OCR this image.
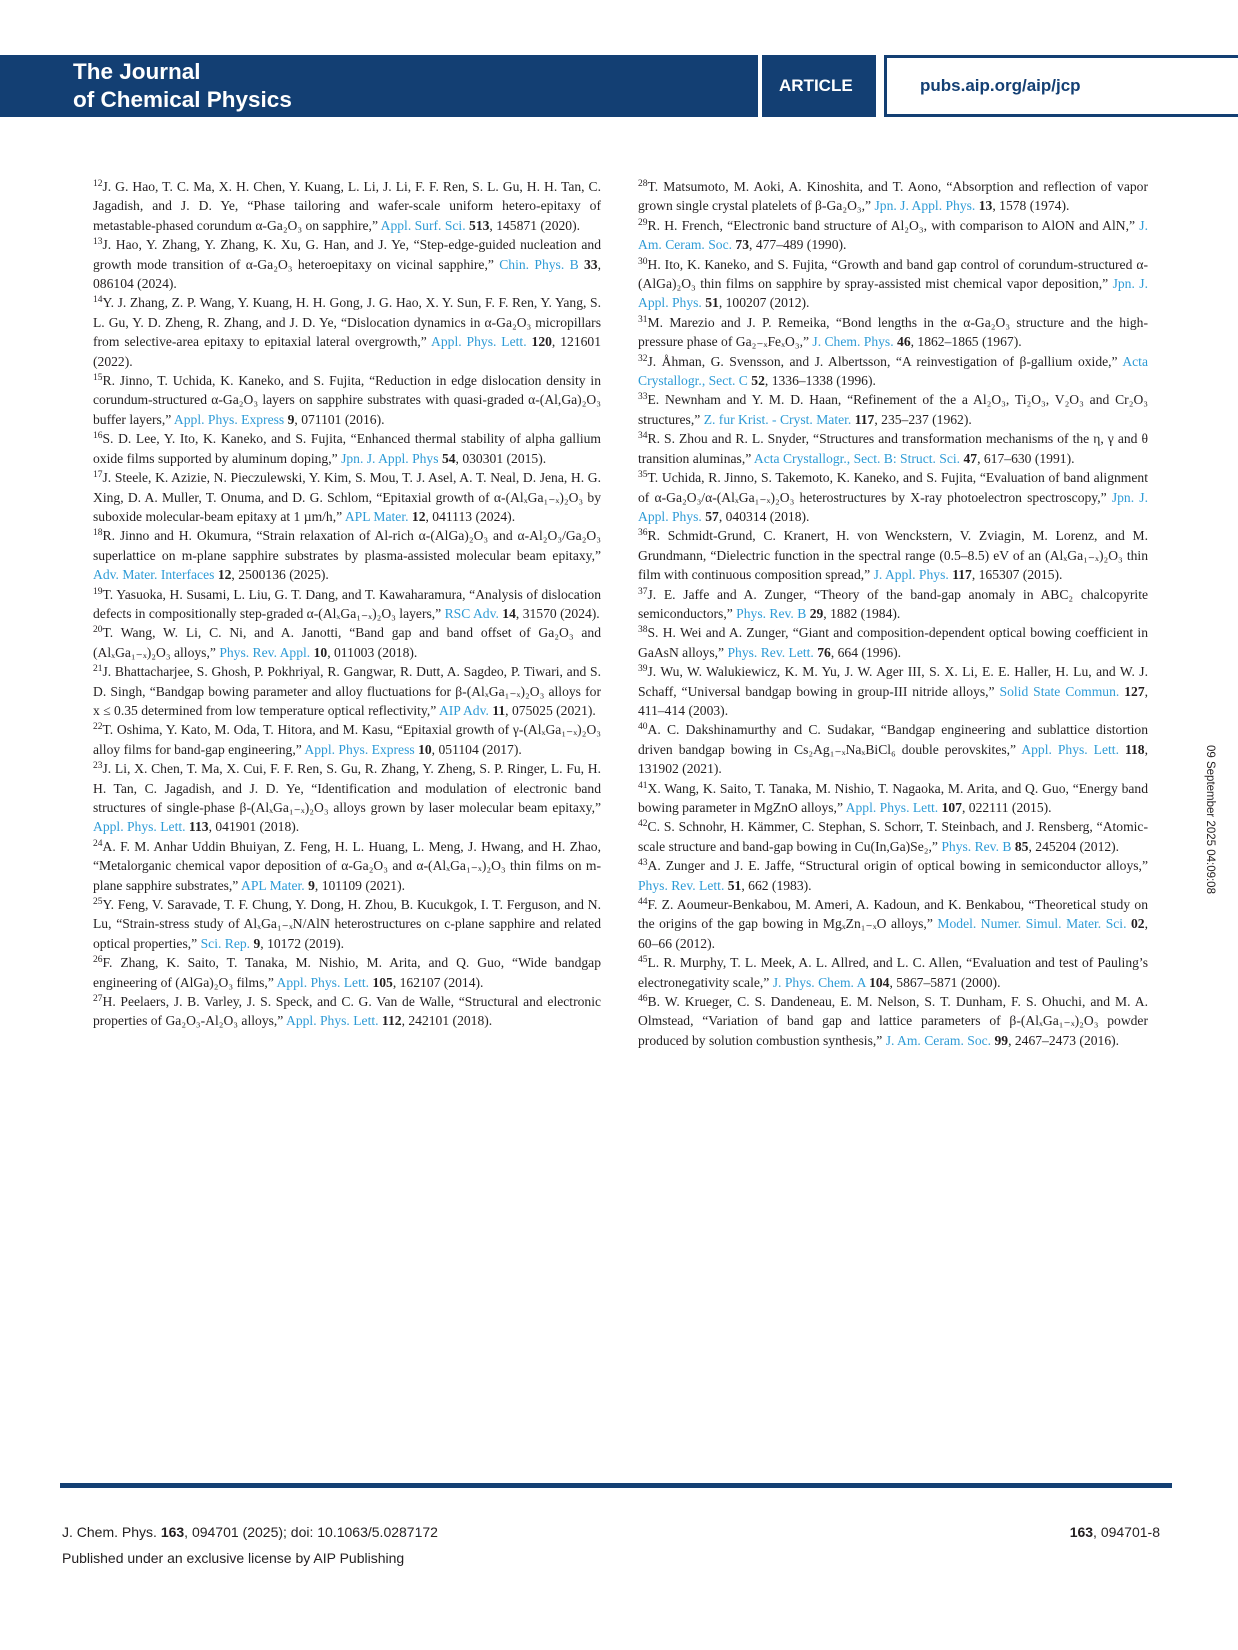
The Journal
of Chemical Physics
ARTICLE	pubs.aip.org/aip/jcp
$^{12}$J. G. Hao, T. C. Ma, X. H. Chen, Y. Kuang, L. Li, J. Li, F. F. Ren, S. L. Gu, H. H. Tan, C. Jagadish, and J. D. Ye, “Phase tailoring and wafer-scale uniform hetero-epitaxy of metastable-phased corundum α-Ga₂O₃ on sapphire,” Appl. Surf. Sci. 513, 145871 (2020).
$^{13}$J. Hao, Y. Zhang, Y. Zhang, K. Xu, G. Han, and J. Ye, “Step-edge-guided nucleation and growth mode transition of α-Ga₂O₃ heteroepitaxy on vicinal sapphire,” Chin. Phys. B 33, 086104 (2024).
$^{14}$Y. J. Zhang, Z. P. Wang, Y. Kuang, H. H. Gong, J. G. Hao, X. Y. Sun, F. F. Ren, Y. Yang, S. L. Gu, Y. D. Zheng, R. Zhang, and J. D. Ye, “Dislocation dynamics in α-Ga₂O₃ micropillars from selective-area epitaxy to epitaxial lateral overgrowth,” Appl. Phys. Lett. 120, 121601 (2022).
$^{15}$R. Jinno, T. Uchida, K. Kaneko, and S. Fujita, “Reduction in edge dislocation density in corundum-structured α-Ga₂O₃ layers on sapphire substrates with quasi-graded α-(Al,Ga)₂O₃ buffer layers,” Appl. Phys. Express 9, 071101 (2016).
$^{16}$S. D. Lee, Y. Ito, K. Kaneko, and S. Fujita, “Enhanced thermal stability of alpha gallium oxide films supported by aluminum doping,” Jpn. J. Appl. Phys 54, 030301 (2015).
$^{17}$J. Steele, K. Azizie, N. Pieczulewski, Y. Kim, S. Mou, T. J. Asel, A. T. Neal, D. Jena, H. G. Xing, D. A. Muller, T. Onuma, and D. G. Schlom, “Epitaxial growth of α-(AlₓGa₁₋ₓ)₂O₃ by suboxide molecular-beam epitaxy at 1 µm/h,” APL Mater. 12, 041113 (2024).
$^{18}$R. Jinno and H. Okumura, “Strain relaxation of Al-rich α-(AlGa)₂O₃ and α-Al₂O₃/Ga₂O₃ superlattice on m-plane sapphire substrates by plasma-assisted molecular beam epitaxy,” Adv. Mater. Interfaces 12, 2500136 (2025).
$^{19}$T. Yasuoka, H. Susami, L. Liu, G. T. Dang, and T. Kawaharamura, “Analysis of dislocation defects in compositionally step-graded α-(AlₓGa₁₋ₓ)₂O₃ layers,” RSC Adv. 14, 31570 (2024).
$^{20}$T. Wang, W. Li, C. Ni, and A. Janotti, “Band gap and band offset of Ga₂O₃ and (AlₓGa₁₋ₓ)₂O₃ alloys,” Phys. Rev. Appl. 10, 011003 (2018).
$^{21}$J. Bhattacharjee, S. Ghosh, P. Pokhriyal, R. Gangwar, R. Dutt, A. Sagdeo, P. Tiwari, and S. D. Singh, “Bandgap bowing parameter and alloy fluctuations for β-(AlₓGa₁₋ₓ)₂O₃ alloys for x ≤ 0.35 determined from low temperature optical reflectivity,” AIP Adv. 11, 075025 (2021).
$^{22}$T. Oshima, Y. Kato, M. Oda, T. Hitora, and M. Kasu, “Epitaxial growth of γ-(AlₓGa₁₋ₓ)₂O₃ alloy films for band-gap engineering,” Appl. Phys. Express 10, 051104 (2017).
$^{23}$J. Li, X. Chen, T. Ma, X. Cui, F. F. Ren, S. Gu, R. Zhang, Y. Zheng, S. P. Ringer, L. Fu, H. H. Tan, C. Jagadish, and J. D. Ye, “Identification and modulation of electronic band structures of single-phase β-(AlₓGa₁₋ₓ)₂O₃ alloys grown by laser molecular beam epitaxy,” Appl. Phys. Lett. 113, 041901 (2018).
$^{24}$A. F. M. Anhar Uddin Bhuiyan, Z. Feng, H. L. Huang, L. Meng, J. Hwang, and H. Zhao, “Metalorganic chemical vapor deposition of α-Ga₂O₃ and α-(AlₓGa₁₋ₓ)₂O₃ thin films on m-plane sapphire substrates,” APL Mater. 9, 101109 (2021).
$^{25}$Y. Feng, V. Saravade, T. F. Chung, Y. Dong, H. Zhou, B. Kucukgok, I. T. Ferguson, and N. Lu, “Strain-stress study of AlₓGa₁₋ₓN/AlN heterostructures on c-plane sapphire and related optical properties,” Sci. Rep. 9, 10172 (2019).
$^{26}$F. Zhang, K. Saito, T. Tanaka, M. Nishio, M. Arita, and Q. Guo, “Wide bandgap engineering of (AlGa)₂O₃ films,” Appl. Phys. Lett. 105, 162107 (2014).
$^{27}$H. Peelaers, J. B. Varley, J. S. Speck, and C. G. Van de Walle, “Structural and electronic properties of Ga₂O₃-Al₂O₃ alloys,” Appl. Phys. Lett. 112, 242101 (2018).
$^{28}$T. Matsumoto, M. Aoki, A. Kinoshita, and T. Aono, “Absorption and reflection of vapor grown single crystal platelets of β-Ga₂O₃,” Jpn. J. Appl. Phys. 13, 1578 (1974).
$^{29}$R. H. French, “Electronic band structure of Al₂O₃, with comparison to AlON and AlN,” J. Am. Ceram. Soc. 73, 477–489 (1990).
$^{30}$H. Ito, K. Kaneko, and S. Fujita, “Growth and band gap control of corundum-structured α-(AlGa)₂O₃ thin films on sapphire by spray-assisted mist chemical vapor deposition,” Jpn. J. Appl. Phys. 51, 100207 (2012).
$^{31}$M. Marezio and J. P. Remeika, “Bond lengths in the α-Ga₂O₃ structure and the high-pressure phase of Ga₂₋ₓFeₓO₃,” J. Chem. Phys. 46, 1862–1865 (1967).
$^{32}$J. Åhman, G. Svensson, and J. Albertsson, “A reinvestigation of β-gallium oxide,” Acta Crystallogr., Sect. C 52, 1336–1338 (1996).
$^{33}$E. Newnham and Y. M. D. Haan, “Refinement of the a Al₂O₃, Ti₂O₃, V₂O₃ and Cr₂O₃ structures,” Z. fur Krist. - Cryst. Mater. 117, 235–237 (1962).
$^{34}$R. S. Zhou and R. L. Snyder, “Structures and transformation mechanisms of the η, γ and θ transition aluminas,” Acta Crystallogr., Sect. B: Struct. Sci. 47, 617–630 (1991).
$^{35}$T. Uchida, R. Jinno, S. Takemoto, K. Kaneko, and S. Fujita, “Evaluation of band alignment of α-Ga₂O₃/α-(AlₓGa₁₋ₓ)₂O₃ heterostructures by X-ray photoelectron spectroscopy,” Jpn. J. Appl. Phys. 57, 040314 (2018).
$^{36}$R. Schmidt-Grund, C. Kranert, H. von Wenckstern, V. Zviagin, M. Lorenz, and M. Grundmann, “Dielectric function in the spectral range (0.5–8.5) eV of an (AlₓGa₁₋ₓ)₂O₃ thin film with continuous composition spread,” J. Appl. Phys. 117, 165307 (2015).
$^{37}$J. E. Jaffe and A. Zunger, “Theory of the band-gap anomaly in ABC₂ chalcopyrite semiconductors,” Phys. Rev. B 29, 1882 (1984).
$^{38}$S. H. Wei and A. Zunger, “Giant and composition-dependent optical bowing coefficient in GaAsN alloys,” Phys. Rev. Lett. 76, 664 (1996).
$^{39}$J. Wu, W. Walukiewicz, K. M. Yu, J. W. Ager III, S. X. Li, E. E. Haller, H. Lu, and W. J. Schaff, “Universal bandgap bowing in group-III nitride alloys,” Solid State Commun. 127, 411–414 (2003).
$^{40}$A. C. Dakshinamurthy and C. Sudakar, “Bandgap engineering and sublattice distortion driven bandgap bowing in Cs₂Ag₁₋ₓNaₓBiCl₆ double perovskites,” Appl. Phys. Lett. 118, 131902 (2021).
$^{41}$X. Wang, K. Saito, T. Tanaka, M. Nishio, T. Nagaoka, M. Arita, and Q. Guo, “Energy band bowing parameter in MgZnO alloys,” Appl. Phys. Lett. 107, 022111 (2015).
$^{42}$C. S. Schnohr, H. Kämmer, C. Stephan, S. Schorr, T. Steinbach, and J. Rensberg, “Atomic-scale structure and band-gap bowing in Cu(In,Ga)Se₂,” Phys. Rev. B 85, 245204 (2012).
$^{43}$A. Zunger and J. E. Jaffe, “Structural origin of optical bowing in semiconductor alloys,” Phys. Rev. Lett. 51, 662 (1983).
$^{44}$F. Z. Aoumeur-Benkabou, M. Ameri, A. Kadoun, and K. Benkabou, “Theoretical study on the origins of the gap bowing in MgₓZn₁₋ₓO alloys,” Model. Numer. Simul. Mater. Sci. 02, 60–66 (2012).
$^{45}$L. R. Murphy, T. L. Meek, A. L. Allred, and L. C. Allen, “Evaluation and test of Pauling’s electronegativity scale,” J. Phys. Chem. A 104, 5867–5871 (2000).
$^{46}$B. W. Krueger, C. S. Dandeneau, E. M. Nelson, S. T. Dunham, F. S. Ohuchi, and M. A. Olmstead, “Variation of band gap and lattice parameters of β-(AlₓGa₁₋ₓ)₂O₃ powder produced by solution combustion synthesis,” J. Am. Ceram. Soc. 99, 2467–2473 (2016).
09 September 2025 04:09:08
J. Chem. Phys. 163, 094701 (2025); doi: 10.1063/5.0287172	163, 094701-8
Published under an exclusive license by AIP Publishing
